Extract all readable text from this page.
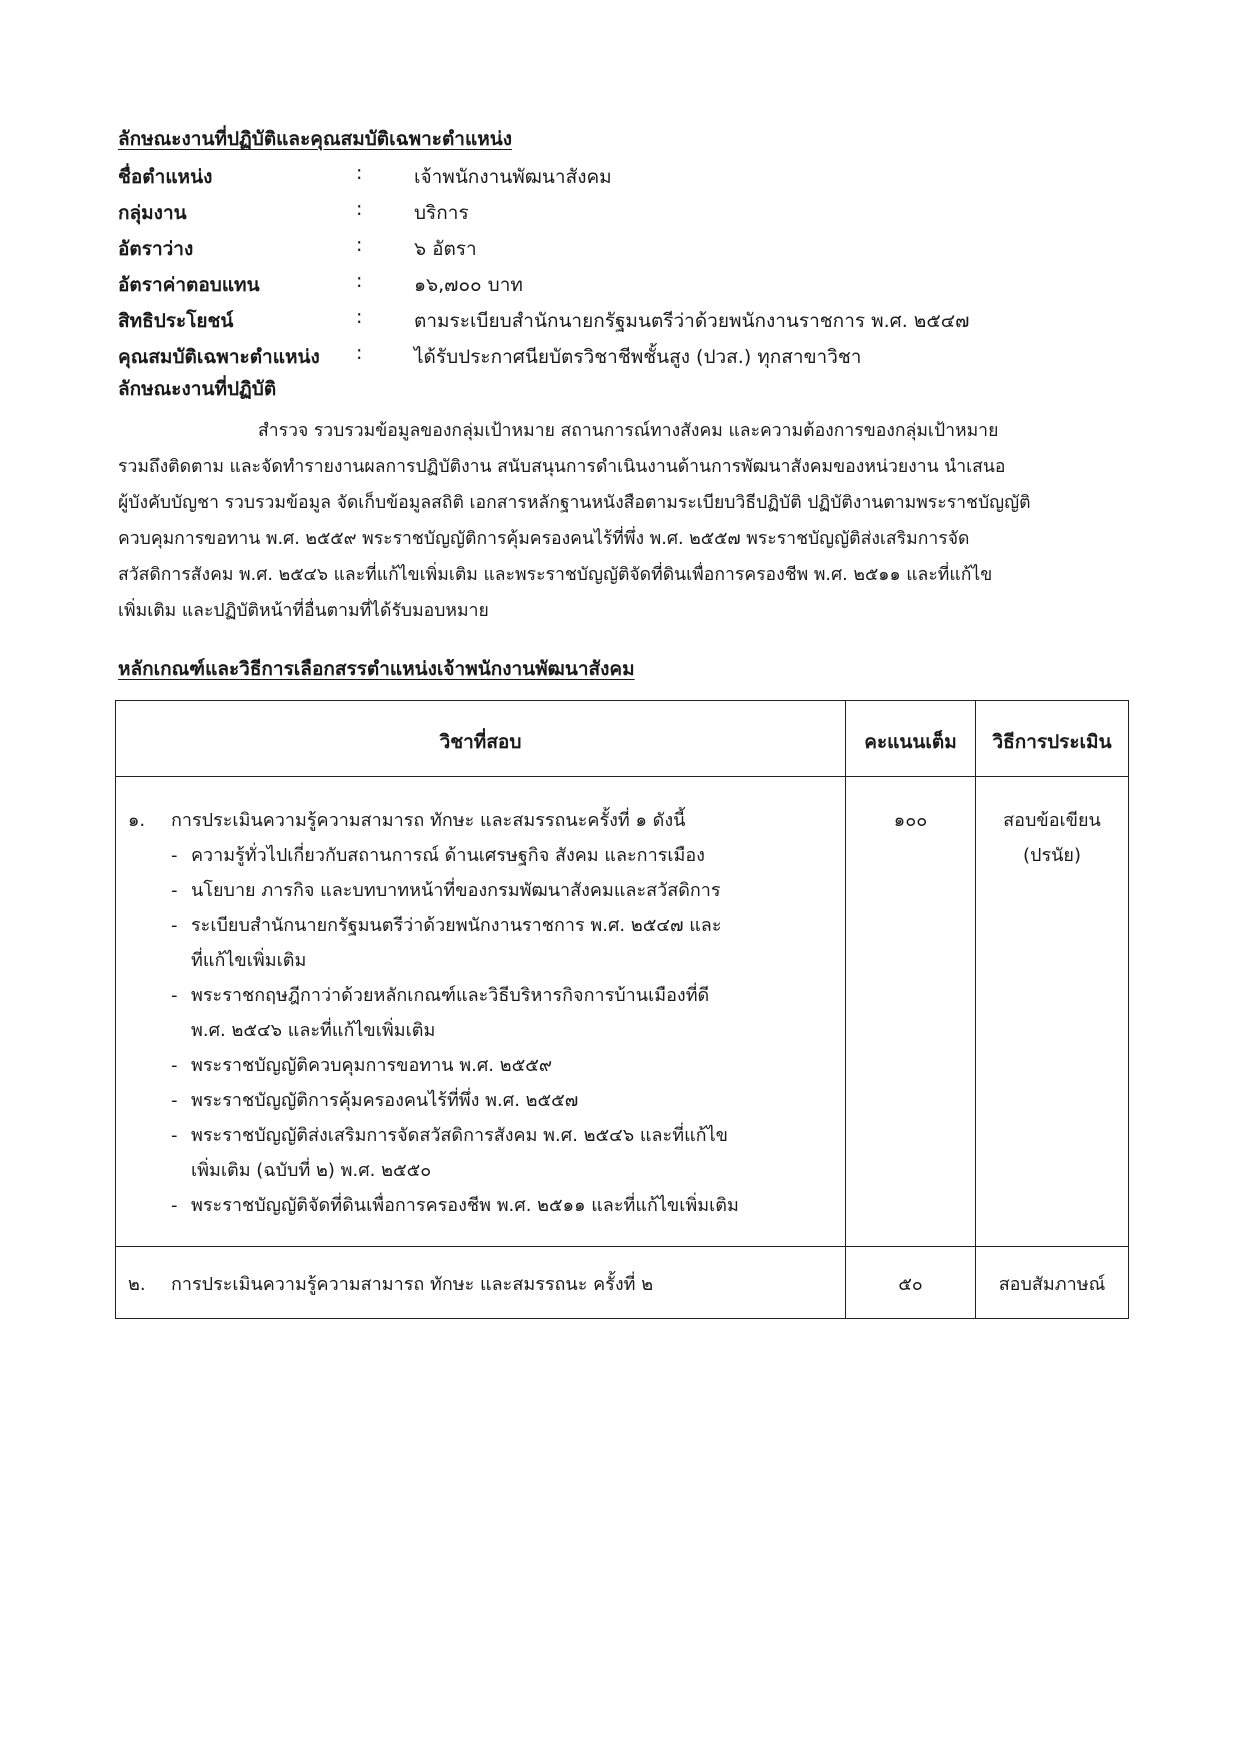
ลักษณะงานที่ปฏิบัติและคุณสมบัติเฉพาะตำแหน่ง
ชื่อตำแหน่ง	:	เจ้าพนักงานพัฒนาสังคม
กลุ่มงาน	:	บริการ
อัตราว่าง	:	๖ อัตรา
อัตราค่าตอบแทน	:	๑๖,๗๐๐ บาท
สิทธิประโยชน์	:	ตามระเบียบสำนักนายกรัฐมนตรีว่าด้วยพนักงานราชการ พ.ศ. ๒๕๔๗
คุณสมบัติเฉพาะตำแหน่ง :	ได้รับประกาศนียบัตรวิชาชีพชั้นสูง (ปวส.) ทุกสาขาวิชา
ลักษณะงานที่ปฏิบัติ
สำรวจ รวบรวมข้อมูลของกลุ่มเป้าหมาย สถานการณ์ทางสังคม และความต้องการของกลุ่มเป้าหมาย
รวมถึงติดตาม และจัดทำรายงานผลการปฏิบัติงาน สนับสนุนการดำเนินงานด้านการพัฒนาสังคมของหน่วยงาน นำเสนอ
ผู้บังคับบัญชา รวบรวมข้อมูล จัดเก็บข้อมูลสถิติ เอกสารหลักฐานหนังสือตามระเบียบวิธีปฏิบัติ ปฏิบัติงานตามพระราชบัญญัติ
ควบคุมการขอทาน พ.ศ. ๒๕๕๙ พระราชบัญญัติการคุ้มครองคนไร้ที่พึ่ง พ.ศ. ๒๕๕๗ พระราชบัญญัติส่งเสริมการจัด
สวัสดิการสังคม พ.ศ. ๒๕๔๖ และที่แก้ไขเพิ่มเติม และพระราชบัญญัติจัดที่ดินเพื่อการครองชีพ พ.ศ. ๒๕๑๑ และที่แก้ไข
เพิ่มเติม และปฏิบัติหน้าที่อื่นตามที่ได้รับมอบหมาย
หลักเกณฑ์และวิธีการเลือกสรรตำแหน่งเจ้าพนักงานพัฒนาสังคม
วิชาที่สอบ	คะแนนเต็ม	วิธีการประเมิน
๑. การประเมินความรู้ความสามารถ ทักษะ และสมรรถนะครั้งที่ ๑ ดังนี้
- ความรู้ทั่วไปเกี่ยวกับสถานการณ์ ด้านเศรษฐกิจ สังคม และการเมือง
- นโยบาย ภารกิจ และบทบาทหน้าที่ของกรมพัฒนาสังคมและสวัสดิการ
- ระเบียบสำนักนายกรัฐมนตรีว่าด้วยพนักงานราชการ พ.ศ. ๒๕๔๗ และ
ที่แก้ไขเพิ่มเติม
- พระราชกฤษฎีกาว่าด้วยหลักเกณฑ์และวิธีบริหารกิจการบ้านเมืองที่ดี
พ.ศ. ๒๕๔๖ และที่แก้ไขเพิ่มเติม
- พระราชบัญญัติควบคุมการขอทาน พ.ศ. ๒๕๕๙
- พระราชบัญญัติการคุ้มครองคนไร้ที่พึ่ง พ.ศ. ๒๕๕๗
- พระราชบัญญัติส่งเสริมการจัดสวัสดิการสังคม พ.ศ. ๒๕๔๖ และที่แก้ไข
เพิ่มเติม (ฉบับที่ ๒) พ.ศ. ๒๕๕๐
- พระราชบัญญัติจัดที่ดินเพื่อการครองชีพ พ.ศ. ๒๕๑๑ และที่แก้ไขเพิ่มเติม
๑๐๐	สอบข้อเขียน
(ปรนัย)
๒. การประเมินความรู้ความสามารถ ทักษะ และสมรรถนะ ครั้งที่ ๒	๕๐	สอบสัมภาษณ์
